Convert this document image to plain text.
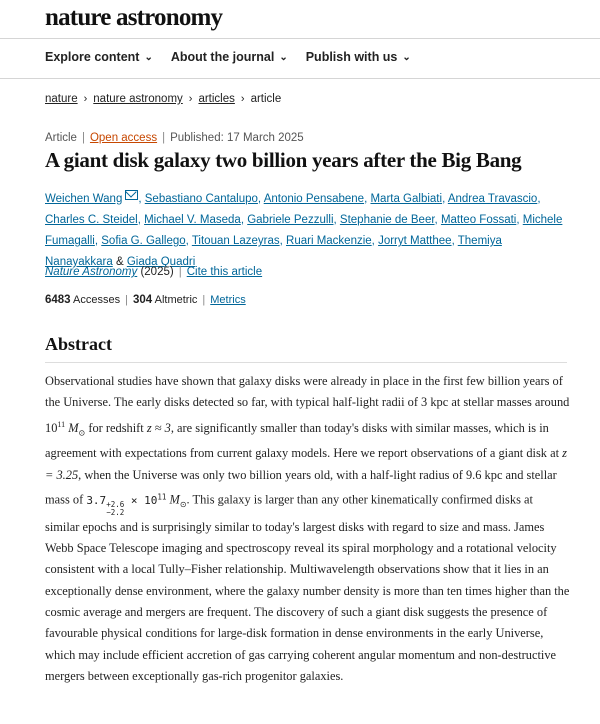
nature astronomy
Explore content ⌄ About the journal ⌄ Publish with us ⌄
nature › nature astronomy › articles › article
Article | Open access | Published: 17 March 2025
A giant disk galaxy two billion years after the Big Bang
Weichen Wang , Sebastiano Cantalupo, Antonio Pensabene, Marta Galbiati, Andrea Travascio, Charles C. Steidel, Michael V. Maseda, Gabriele Pezzulli, Stephanie de Beer, Matteo Fossati, Michele Fumagalli, Sofia G. Gallego, Titouan Lazeyras, Ruari Mackenzie, Jorryt Matthee, Themiya Nanayakkara & Giada Quadri
Nature Astronomy (2025) | Cite this article
6483 Accesses | 304 Altmetric | Metrics
Abstract

Observational studies have shown that galaxy disks were already in place in the first few billion years of the Universe. The early disks detected so far, with typical half-light radii of 3 kpc at stellar masses around $10^{11}$ $M_⊙$ for redshift z ≈ 3, are significantly smaller than today's disks with similar masses, which is in agreement with expectations from current galaxy models. Here we report observations of a giant disk at z = 3.25, when the Universe was only two billion years old, with a half-light radius of 9.6 kpc and stellar mass of 3.7 +2.6
−2.2
× $10^{11}$ $M_⊙$. This galaxy is larger than any other kinematically confirmed disks at similar epochs and is surprisingly similar to today's largest disks with regard to size and mass. James Webb Space Telescope imaging and spectroscopy reveal its spiral morphology and a rotational velocity consistent with a local Tully–Fisher relationship. Multiwavelength observations show that it lies in an exceptionally dense environment, where the galaxy number density is more than ten times higher than the cosmic average and mergers are frequent. The discovery of such a giant disk suggests the presence of favourable physical conditions for large-disk formation in dense environments in the early Universe, which may include efficient accretion of gas carrying coherent angular momentum and non-destructive mergers between exceptionally gas-rich progenitor galaxies.
